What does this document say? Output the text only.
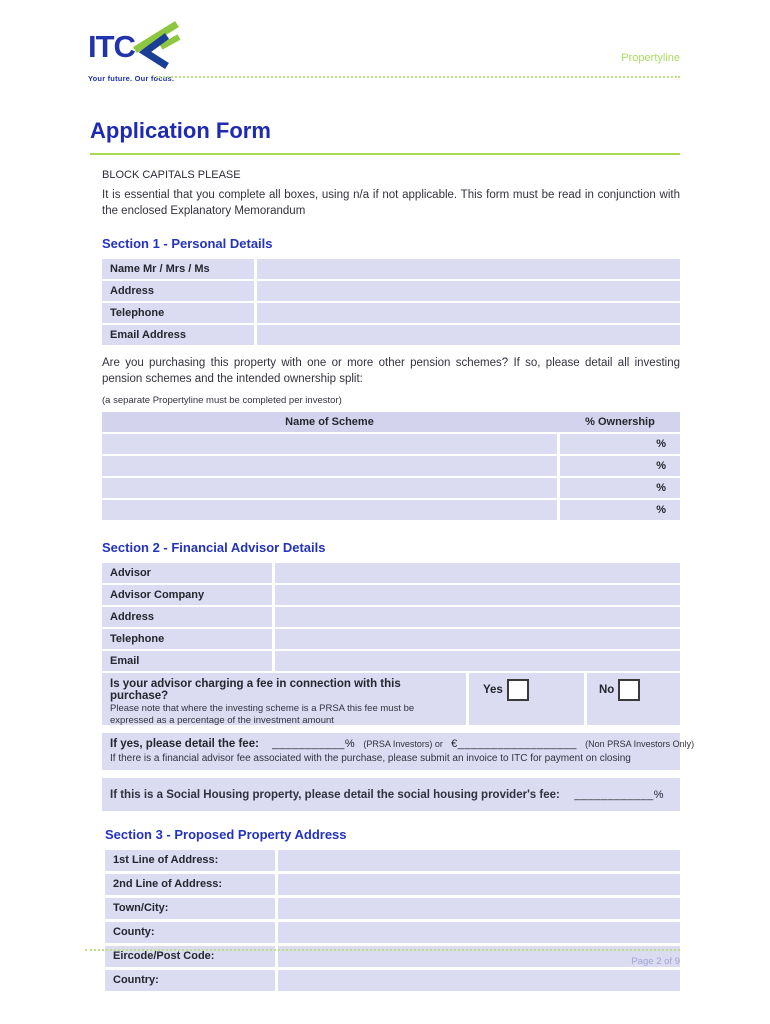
ITC
Your future. Our focus.
Propertyline
Application Form

BLOCK CAPITALS PLEASE

It is essential that you complete all boxes, using n/a if not applicable. This form must be read in conjunction with the enclosed Explanatory Memorandum

Section 1 - Personal Details
Name Mr / Mrs / Ms
Address
Telephone
Email Address

Are you purchasing this property with one or more other pension schemes? If so, please detail all investing pension schemes and the intended ownership split:

(a separate Propertyline must be completed per investor)

Name of Scheme	% Ownership
%
%
%
%
Section 2 - Financial Advisor Details
Advisor
Advisor Company
Address
Telephone
Email
Is your advisor charging a fee in connection with this purchase?
Please note that where the investing scheme is a PRSA this fee must be expressed as a percentage of the investment amount
Yes	No
If yes, please detail the fee: ___________% (PRSA Investors) or €__________________ (Non PRSA Investors Only)
If there is a financial advisor fee associated with the purchase, please submit an invoice to ITC for payment on closing
If this is a Social Housing property, please detail the social housing provider's fee: ____________%
Section 3 - Proposed Property Address
1st Line of Address:
2nd Line of Address:
Town/City:
County:
Eircode/Post Code:
Country:
Page 2 of 9
